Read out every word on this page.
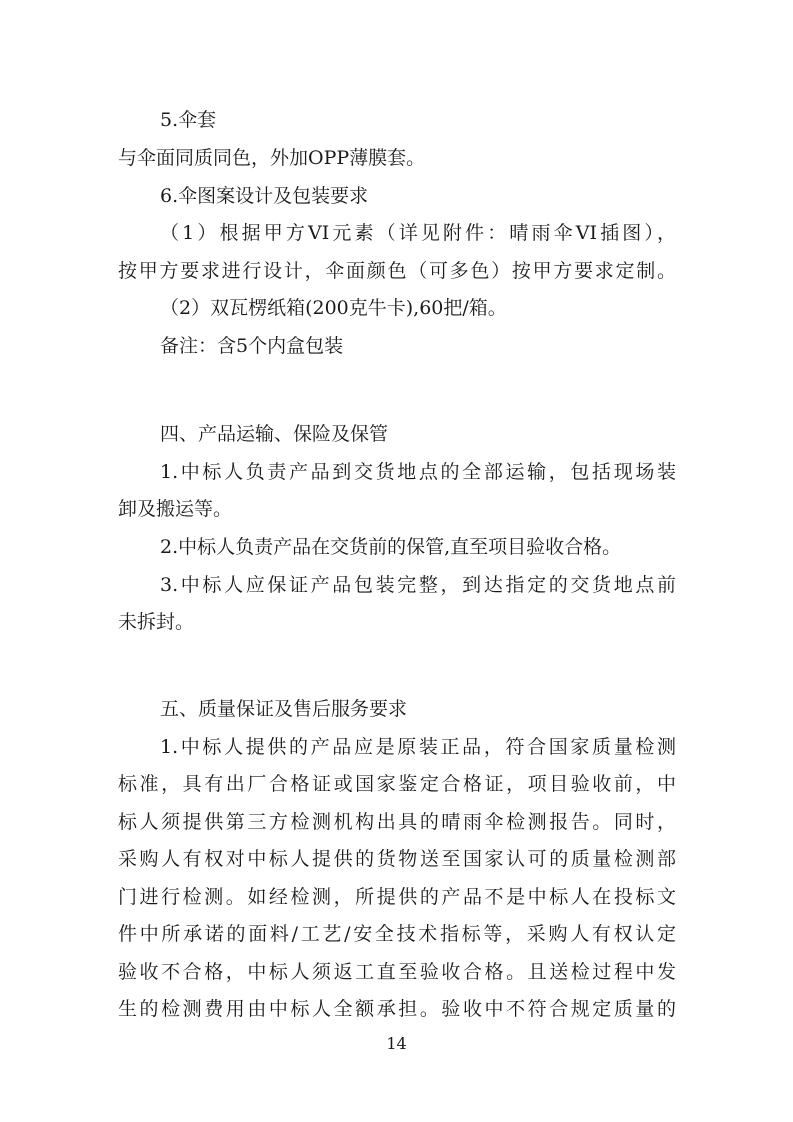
5.伞套
与伞面同质同色，外加OPP薄膜套。
6.伞图案设计及包装要求
（1）根据甲方VI元素（详见附件：晴雨伞VI插图），
按甲方要求进行设计，伞面颜色（可多色）按甲方要求定制。
（2）双瓦楞纸箱(200克牛卡),60把/箱。
备注：含5个内盒包装
四、产品运输、保险及保管
1.中标人负责产品到交货地点的全部运输，包括现场装
卸及搬运等。
2.中标人负责产品在交货前的保管,直至项目验收合格。
3.中标人应保证产品包装完整，到达指定的交货地点前
未拆封。
五、质量保证及售后服务要求
1.中标人提供的产品应是原装正品，符合国家质量检测
标准，具有出厂合格证或国家鉴定合格证，项目验收前，中
标人须提供第三方检测机构出具的晴雨伞检测报告。同时，
采购人有权对中标人提供的货物送至国家认可的质量检测部
门进行检测。如经检测，所提供的产品不是中标人在投标文
件中所承诺的面料/工艺/安全技术指标等，采购人有权认定
验收不合格，中标人须返工直至验收合格。且送检过程中发
生的检测费用由中标人全额承担。验收中不符合规定质量的
14
